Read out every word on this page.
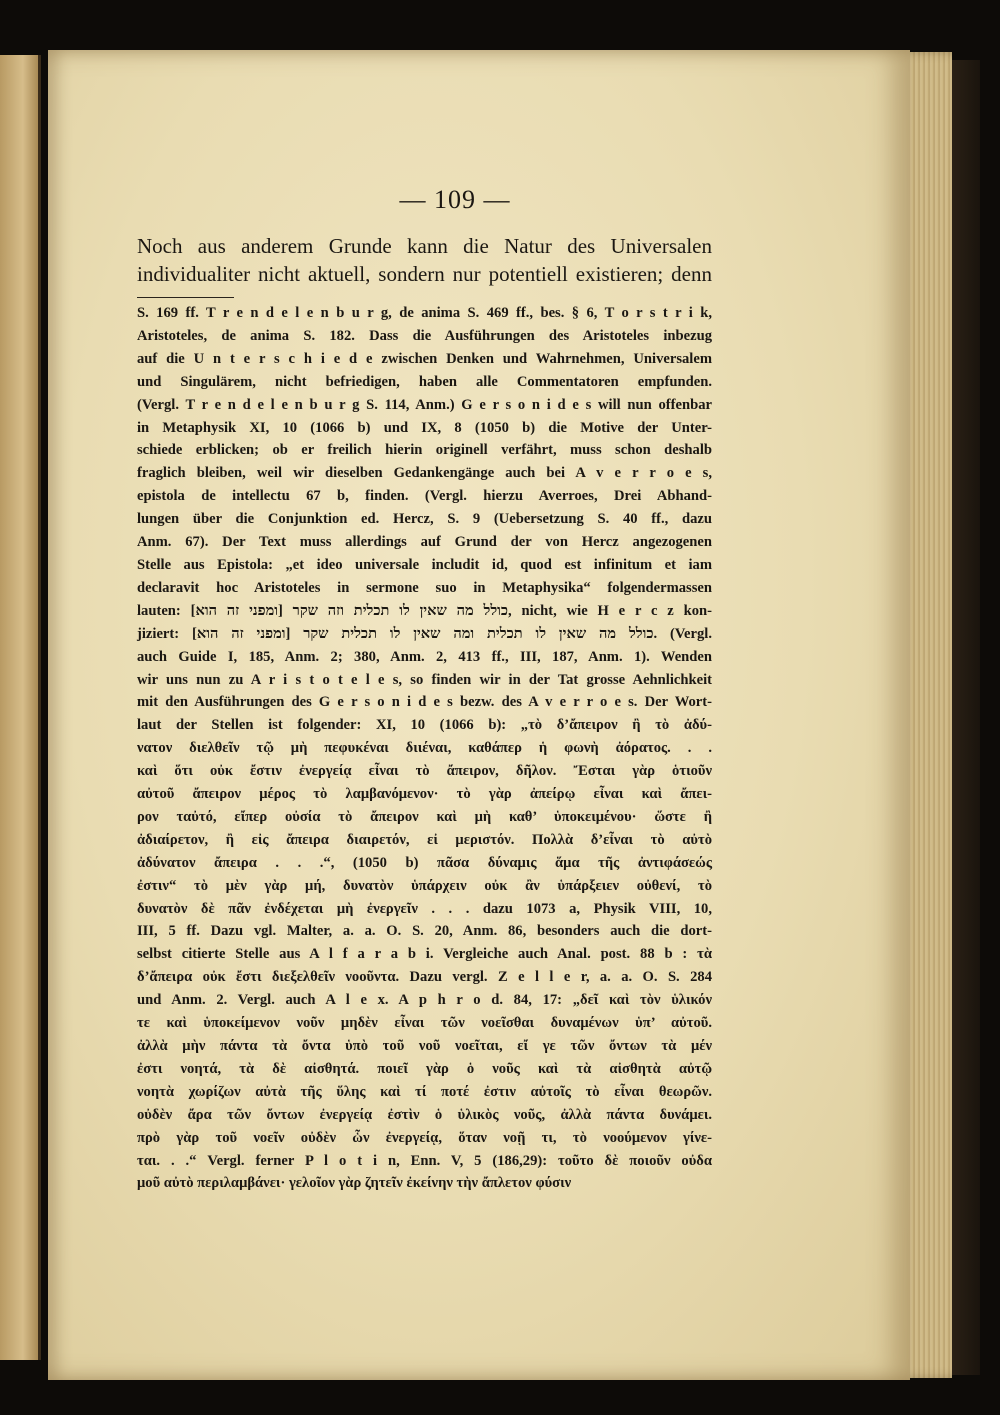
— 109 —
Noch aus anderem Grunde kann die Natur des Universalen
individualiter nicht aktuell, sondern nur potentiell existieren; denn
S. 169 ff. T r e n d e l e n b u r g, de anima S. 469 ff., bes. § 6, T o r s t r i k,
Aristoteles, de anima S. 182. Dass die Ausführungen des Aristoteles inbezug
auf die U n t e r s c h i e d e zwischen Denken und Wahrnehmen, Universalem
und Singulärem, nicht befriedigen, haben alle Commentatoren empfunden.
(Vergl. T r e n d e l e n b u r g S. 114, Anm.) G e r s o n i d e s will nun offenbar
in Metaphysik XI, 10 (1066 b) und IX, 8 (1050 b) die Motive der Unter-
schiede erblicken; ob er freilich hierin originell verfährt, muss schon deshalb
fraglich bleiben, weil wir dieselben Gedankengänge auch bei A v e r r o e s,
epistola de intellectu 67 b, finden. (Vergl. hierzu Averroes, Drei Abhand-
lungen über die Conjunktion ed. Hercz, S. 9 (Uebersetzung S. 40 ff., dazu
Anm. 67). Der Text muss allerdings auf Grund der von Hercz angezogenen
Stelle aus Epistola: „et ideo universale includit id, quod est infinitum et iam
declaravit hoc Aristoteles in sermone suo in Metaphysika“ folgendermassen
lauten: [ומפני זה הוא] כולל מה שאין לו תכלית וזה שקר, nicht, wie H e r c z kon-
jiziert: [ומפני זה הוא] כולל מה שאין לו תכלית ומה שאין לו תכלית שקר. (Vergl.
auch Guide I, 185, Anm. 2; 380, Anm. 2, 413 ff., III, 187, Anm. 1). Wenden
wir uns nun zu A r i s t o t e l e s, so finden wir in der Tat grosse Aehnlichkeit
mit den Ausführungen des G e r s o n i d e s bezw. des A v e r r o e s. Der Wort-
laut der Stellen ist folgender: XI, 10 (1066 b): „τὸ δ’ἄπειρον ἢ τὸ ἀδύ-
νατον διελθεῖν τῷ μὴ πεφυκέναι διιέναι, καθάπερ ἡ φωνὴ ἀόρατος. . .
καὶ ὅτι οὐκ ἔστιν ἐνεργείᾳ εἶναι τὸ ἄπειρον, δῆλον. Ἔσται γὰρ ὁτιοῦν
αὐτοῦ ἄπειρον μέρος τὸ λαμβανόμενον· τὸ γὰρ ἀπείρῳ εἶναι καὶ ἄπει-
ρον ταὐτό, εἴπερ οὐσία τὸ ἄπειρον καὶ μὴ καθ’ ὑποκειμένου· ὥστε ἢ
ἀδιαίρετον, ἢ εἰς ἄπειρα διαιρετόν, εἰ μεριστόν. Πολλὰ δ’εἶναι τὸ αὐτὸ
ἀδύνατον ἄπειρα . . .“, (1050 b) πᾶσα δύναμις ἅμα τῆς ἀντιφάσεώς
ἐστιν“ τὸ μὲν γὰρ μή, δυνατὸν ὑπάρχειν οὐκ ἂν ὑπάρξειεν οὐθενί, τὸ
δυνατὸν δὲ πᾶν ἐνδέχεται μὴ ἐνεργεῖν . . . dazu 1073 a, Physik VIII, 10,
III, 5 ff. Dazu vgl. Malter, a. a. O. S. 20, Anm. 86, besonders auch die dort-
selbst citierte Stelle aus A l f a r a b i. Vergleiche auch Anal. post. 88 b : τὰ
δ’ἄπειρα οὐκ ἔστι διεξελθεῖν νοοῦντα. Dazu vergl. Z e l l e r, a. a. O. S. 284
und Anm. 2. Vergl. auch A l e x. A p h r o d. 84, 17: „δεῖ καὶ τὸν ὑλικόν
τε καὶ ὑποκείμενον νοῦν μηδὲν εἶναι τῶν νοεῖσθαι δυναμένων ὑπ’ αὐτοῦ.
ἀλλὰ μὴν πάντα τὰ ὄντα ὑπὸ τοῦ νοῦ νοεῖται, εἴ γε τῶν ὄντων τὰ μέν
ἐστι νοητά, τὰ δὲ αἰσθητά. ποιεῖ γὰρ ὁ νοῦς καὶ τὰ αἰσθητὰ αὐτῷ
νοητὰ χωρίζων αὐτὰ τῆς ὕλης καὶ τί ποτέ ἐστιν αὐτοῖς τὸ εἶναι θεωρῶν.
οὐδὲν ἄρα τῶν ὄντων ἐνεργείᾳ ἐστὶν ὁ ὑλικὸς νοῦς, ἀλλὰ πάντα δυνάμει.
πρὸ γὰρ τοῦ νοεῖν οὐδὲν ὧν ἐνεργείᾳ, ὅταν νοῇ τι, τὸ νοούμενον γίνε-
ται. . .“ Vergl. ferner P l o t i n, Enn. V, 5 (186,29): τοῦτο δὲ ποιοῦν οὐδα
μοῦ αὐτὸ περιλαμβάνει· γελοῖον γὰρ ζητεῖν ἐκείνην τὴν ἄπλετον φύσιν
